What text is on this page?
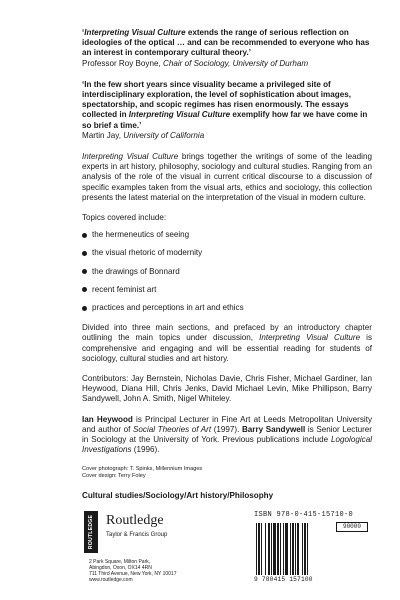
‘Interpreting Visual Culture extends the range of serious reflection on ideologies of the optical … and can be recommended to everyone who has an interest in contemporary cultural theory.’

Professor Roy Boyne, Chair of Sociology, University of Durham

‘In the few short years since visuality became a privileged site of interdisciplinary exploration, the level of sophistication about images, spectatorship, and scopic regimes has risen enormously. The essays collected in Interpreting Visual Culture exemplify how far we have come in so brief a time.’

Martin Jay, University of California

Interpreting Visual Culture brings together the writings of some of the leading experts in art history, philosophy, sociology and cultural studies. Ranging from an analysis of the role of the visual in current critical discourse to a discussion of specific examples taken from the visual arts, ethics and sociology, this collection presents the latest material on the interpretation of the visual in modern culture.

Topics covered include:

the hermeneutics of seeing
the visual rhetoric of modernity
the drawings of Bonnard
recent feminist art
practices and perceptions in art and ethics

Divided into three main sections, and prefaced by an introductory chapter outlining the main topics under discussion, Interpreting Visual Culture is comprehensive and engaging and will be essential reading for students of sociology, cultural studies and art history.

Contributors: Jay Bernstein, Nicholas Davie, Chris Fisher, Michael Gardiner, Ian Heywood, Diana Hill, Chris Jenks, David Michael Levin, Mike Phillipson, Barry Sandywell, John A. Smith, Nigel Whiteley.

Ian Heywood is Principal Lecturer in Fine Art at Leeds Metropolitan University and author of Social Theories of Art (1997). Barry Sandywell is Senior Lecturer in Sociology at the University of York. Previous publications include Logological Investigations (1996).

Cover photograph: T. Spinks, Millennium Images

Cover design: Terry Foley

Cultural studies/Sociology/Art history/Philosophy

ROUTLEDGE Routledge
Taylor & Francis Group

2 Park Square, Milton Park,
Abingdon, Oxon, OX14 4RN
711 Third Avenue, New York, NY 10017
www.routledge.com

ISBN 978-0-415-15710-0
90000
9 780415 157100
